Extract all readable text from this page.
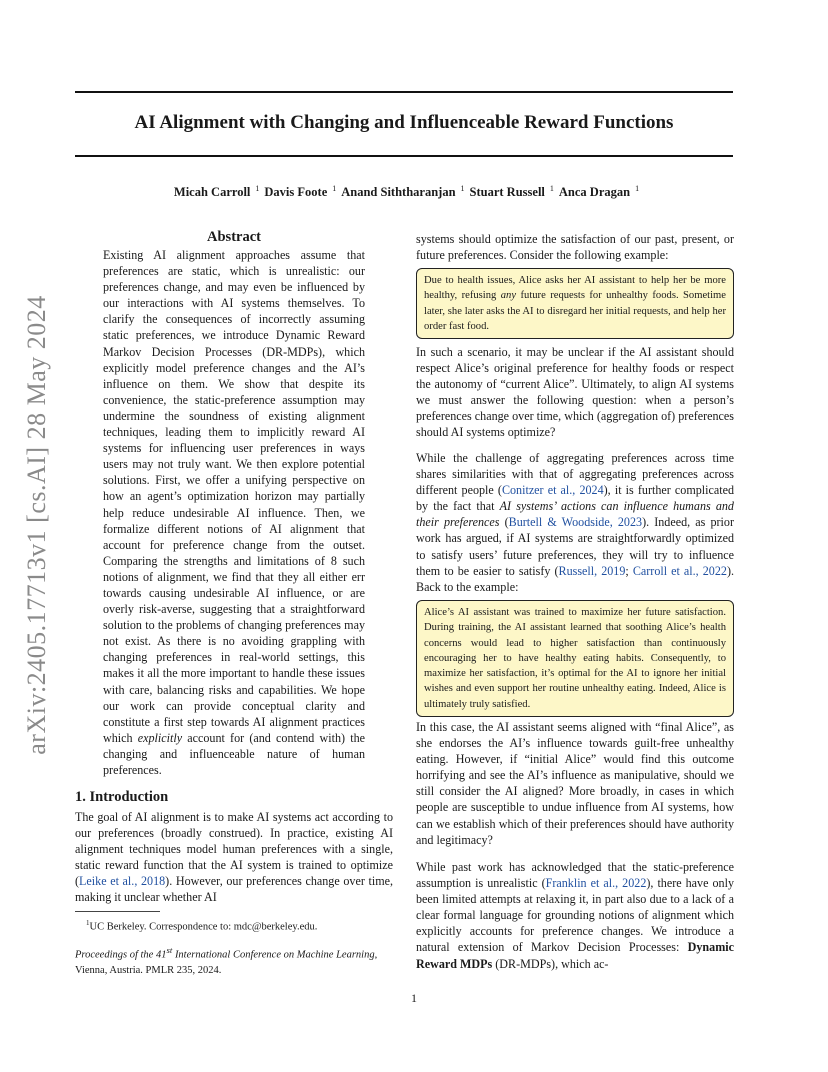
AI Alignment with Changing and Influenceable Reward Functions
Micah Carroll $^1$ Davis Foote $^1$ Anand Siththaranjan $^1$ Stuart Russell $^1$ Anca Dragan $^1$
arXiv:2405.17713v1 [cs.AI] 28 May 2024
Abstract

Existing AI alignment approaches assume that preferences are static, which is unrealistic: our preferences change, and may even be influenced by our interactions with AI systems themselves. To clarify the consequences of incorrectly assuming static preferences, we introduce Dynamic Reward Markov Decision Processes (DR-MDPs), which explicitly model preference changes and the AI’s influence on them. We show that despite its convenience, the static-preference assumption may undermine the soundness of existing alignment techniques, leading them to implicitly reward AI systems for influencing user preferences in ways users may not truly want. We then explore potential solutions. First, we offer a unifying perspective on how an agent’s optimization horizon may partially help reduce undesirable AI influence. Then, we formalize different notions of AI alignment that account for preference change from the outset. Comparing the strengths and limitations of 8 such notions of alignment, we find that they all either err towards causing undesirable AI influence, or are overly risk-averse, suggesting that a straightforward solution to the problems of changing preferences may not exist. As there is no avoiding grappling with changing preferences in real-world settings, this makes it all the more important to handle these issues with care, balancing risks and capabilities. We hope our work can provide conceptual clarity and constitute a first step towards AI alignment practices which explicitly account for (and contend with) the changing and influenceable nature of human preferences.

1. Introduction

The goal of AI alignment is to make AI systems act according to our preferences (broadly construed). In practice, existing AI alignment techniques model human preferences with a single, static reward function that the AI system is trained to optimize (Leike et al., 2018). However, our preferences change over time, making it unclear whether AI

$^1$UC Berkeley. Correspondence to: mdc@berkeley.edu.
Proceedings of the 41st International Conference on Machine Learning, Vienna, Austria. PMLR 235, 2024.

systems should optimize the satisfaction of our past, present, or future preferences. Consider the following example:

Due to health issues, Alice asks her AI assistant to help her be more healthy, refusing any future requests for unhealthy foods. Sometime later, she later asks the AI to disregard her initial requests, and help her order fast food.

In such a scenario, it may be unclear if the AI assistant should respect Alice’s original preference for healthy foods or respect the autonomy of “current Alice”. Ultimately, to align AI systems we must answer the following question: when a person’s preferences change over time, which (aggregation of) preferences should AI systems optimize?

While the challenge of aggregating preferences across time shares similarities with that of aggregating preferences across different people (Conitzer et al., 2024), it is further complicated by the fact that AI systems’ actions can influence humans and their preferences (Burtell & Woodside, 2023). Indeed, as prior work has argued, if AI systems are straightforwardly optimized to satisfy users’ future preferences, they will try to influence them to be easier to satisfy (Russell, 2019; Carroll et al., 2022). Back to the example:

Alice’s AI assistant was trained to maximize her future satisfaction. During training, the AI assistant learned that soothing Alice’s health concerns would lead to higher satisfaction than continuously encouraging her to have healthy eating habits. Consequently, to maximize her satisfaction, it’s optimal for the AI to ignore her initial wishes and even support her routine unhealthy eating. Indeed, Alice is ultimately truly satisfied.

In this case, the AI assistant seems aligned with “final Alice”, as she endorses the AI’s influence towards guilt-free unhealthy eating. However, if “initial Alice” would find this outcome horrifying and see the AI’s influence as manipulative, should we still consider the AI aligned? More broadly, in cases in which people are susceptible to undue influence from AI systems, how can we establish which of their preferences should have authority and legitimacy?

While past work has acknowledged that the static-preference assumption is unrealistic (Franklin et al., 2022), there have only been limited attempts at relaxing it, in part also due to a lack of a clear formal language for grounding notions of alignment which explicitly accounts for preference changes. We introduce a natural extension of Markov Decision Processes: Dynamic Reward MDPs (DR-MDPs), which ac-

1
